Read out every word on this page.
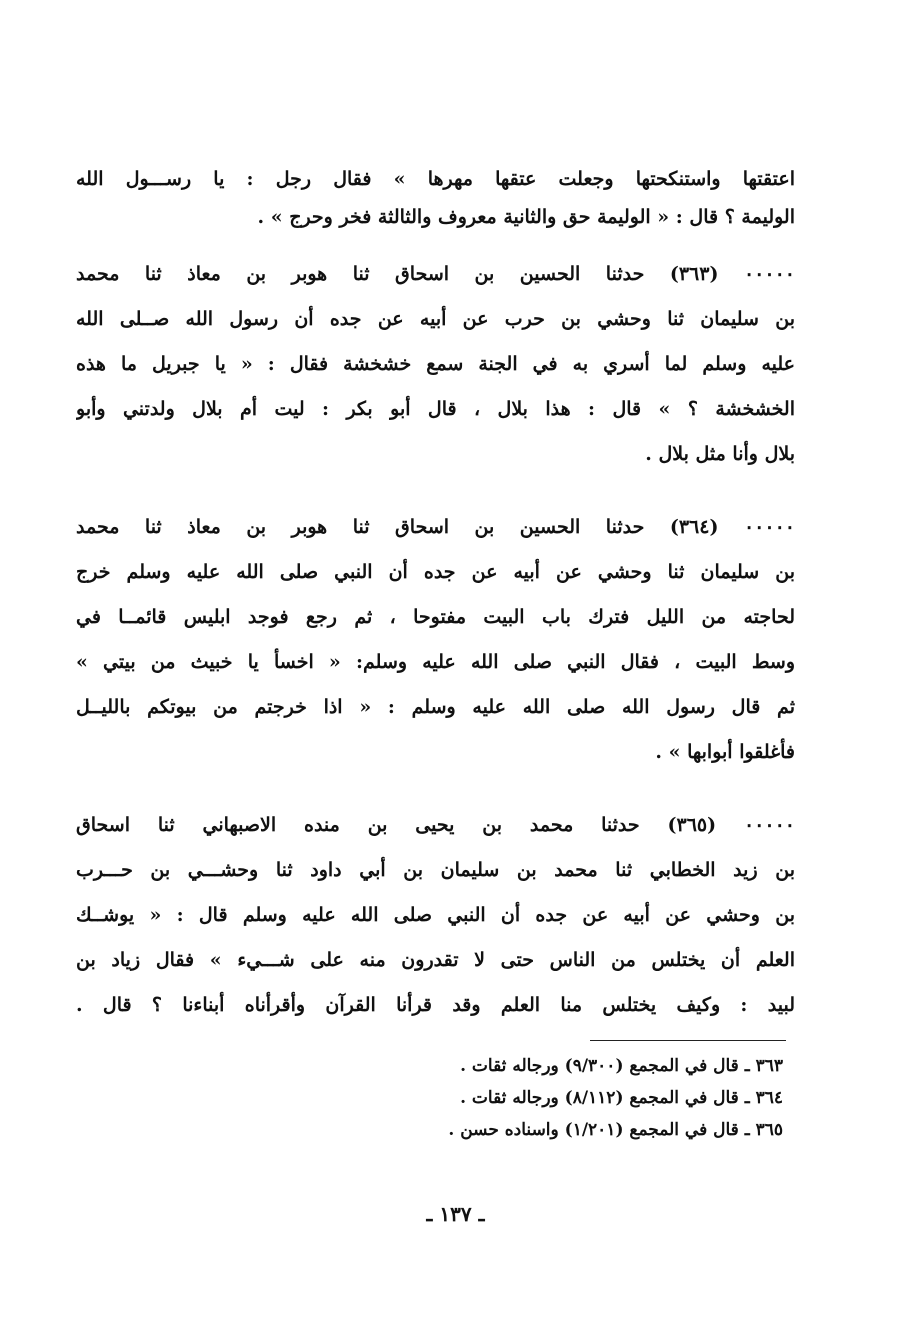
اعتقتها واستنكحتها وجعلت عتقها مهرها » فقال رجل : يا رســـول الله
الوليمة ؟ قال : « الوليمة حق والثانية معروف والثالثة فخر وحرج » .
٠٠٠٠٠ (٣٦٣) حدثنا الحسين بن اسحاق ثنا هوبر بن معاذ ثنا محمد
بن سليمان ثنا وحشي بن حرب عن أبيه عن جده أن رسول الله صــلى الله
عليه وسلم لما أسري به في الجنة سمع خشخشة فقال : « يا جبريل ما هذه
الخشخشة ؟ » قال : هذا بلال ، قال أبو بكر : ليت أم بلال ولدتني وأبو
بلال وأنا مثل بلال .
٠٠٠٠٠ (٣٦٤) حدثنا الحسين بن اسحاق ثنا هوبر بن معاذ ثنا محمد
بن سليمان ثنا وحشي عن أبيه عن جده أن النبي صلى الله عليه وسلم خرج
لحاجته من الليل فترك باب البيت مفتوحا ، ثم رجع فوجد ابليس قائمــا في
وسط البيت ، فقال النبي صلى الله عليه وسلم: « اخسأ يا خبيث من بيتي »
ثم قال رسول الله صلى الله عليه وسلم : « اذا خرجتم من بيوتكم بالليــل
فأغلقوا أبوابها » .
٠٠٠٠٠ (٣٦٥) حدثنا محمد بن يحيى بن منده الاصبهاني ثنا اسحاق
بن زيد الخطابي ثنا محمد بن سليمان بن أبي داود ثنا وحشـــي بن حـــرب
بن وحشي عن أبيه عن جده أن النبي صلى الله عليه وسلم قال : « يوشــك
العلم أن يختلس من الناس حتى لا تقدرون منه على شـــيء » فقال زياد بن
لبيد : وكيف يختلس منا العلم وقد قرأنا القرآن وأقرأناه أبناءنا ؟ قال .
٣٦٣ ـ قال في المجمع (٩/٣٠٠) ورجاله ثقات .
٣٦٤ ـ قال في المجمع (٨/١١٢) ورجاله ثقات .
٣٦٥ ـ قال في المجمع (١/٢٠١) واسناده حسن .
ـ ١٣٧ ـ
